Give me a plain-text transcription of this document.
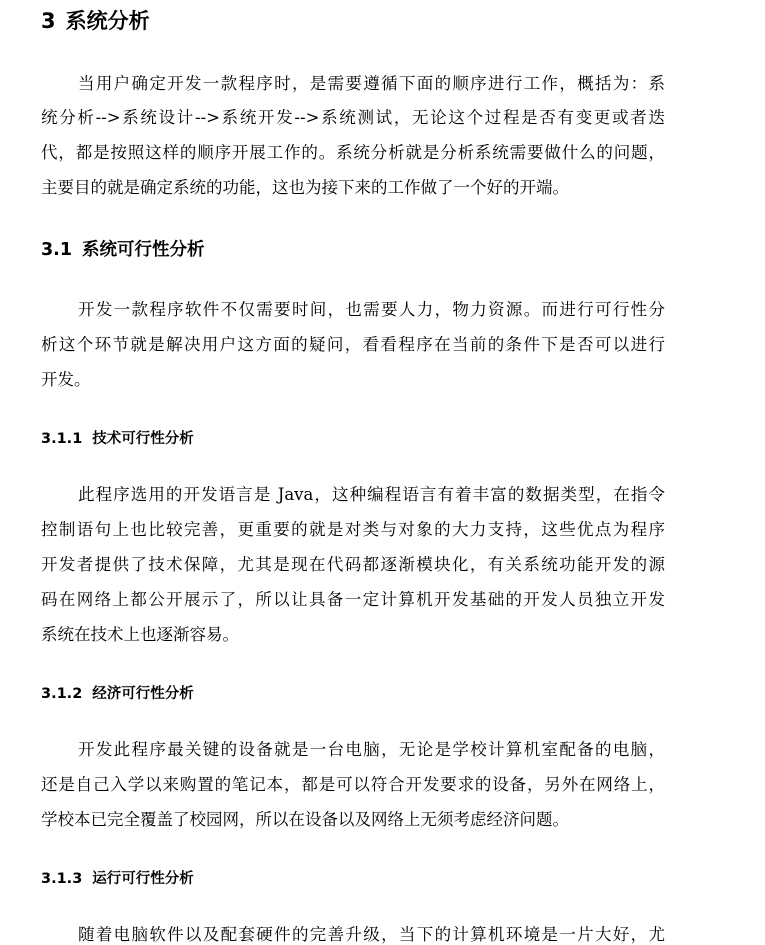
3 系统分析
当用户确定开发一款程序时，是需要遵循下面的顺序进行工作，概括为：系
统分析-->系统设计-->系统开发-->系统测试，无论这个过程是否有变更或者迭
代，都是按照这样的顺序开展工作的。系统分析就是分析系统需要做什么的问题，
主要目的就是确定系统的功能，这也为接下来的工作做了一个好的开端。
3.1 系统可行性分析
开发一款程序软件不仅需要时间，也需要人力，物力资源。而进行可行性分
析这个环节就是解决用户这方面的疑问，看看程序在当前的条件下是否可以进行
开发。
3.1.1 技术可行性分析
此程序选用的开发语言是 Java，这种编程语言有着丰富的数据类型，在指令
控制语句上也比较完善，更重要的就是对类与对象的大力支持，这些优点为程序
开发者提供了技术保障，尤其是现在代码都逐渐模块化，有关系统功能开发的源
码在网络上都公开展示了，所以让具备一定计算机开发基础的开发人员独立开发
系统在技术上也逐渐容易。
3.1.2 经济可行性分析
开发此程序最关键的设备就是一台电脑，无论是学校计算机室配备的电脑，
还是自己入学以来购置的笔记本，都是可以符合开发要求的设备，另外在网络上，
学校本已完全覆盖了校园网，所以在设备以及网络上无须考虑经济问题。
3.1.3 运行可行性分析
随着电脑软件以及配套硬件的完善升级，当下的计算机环境是一片大好，尤
